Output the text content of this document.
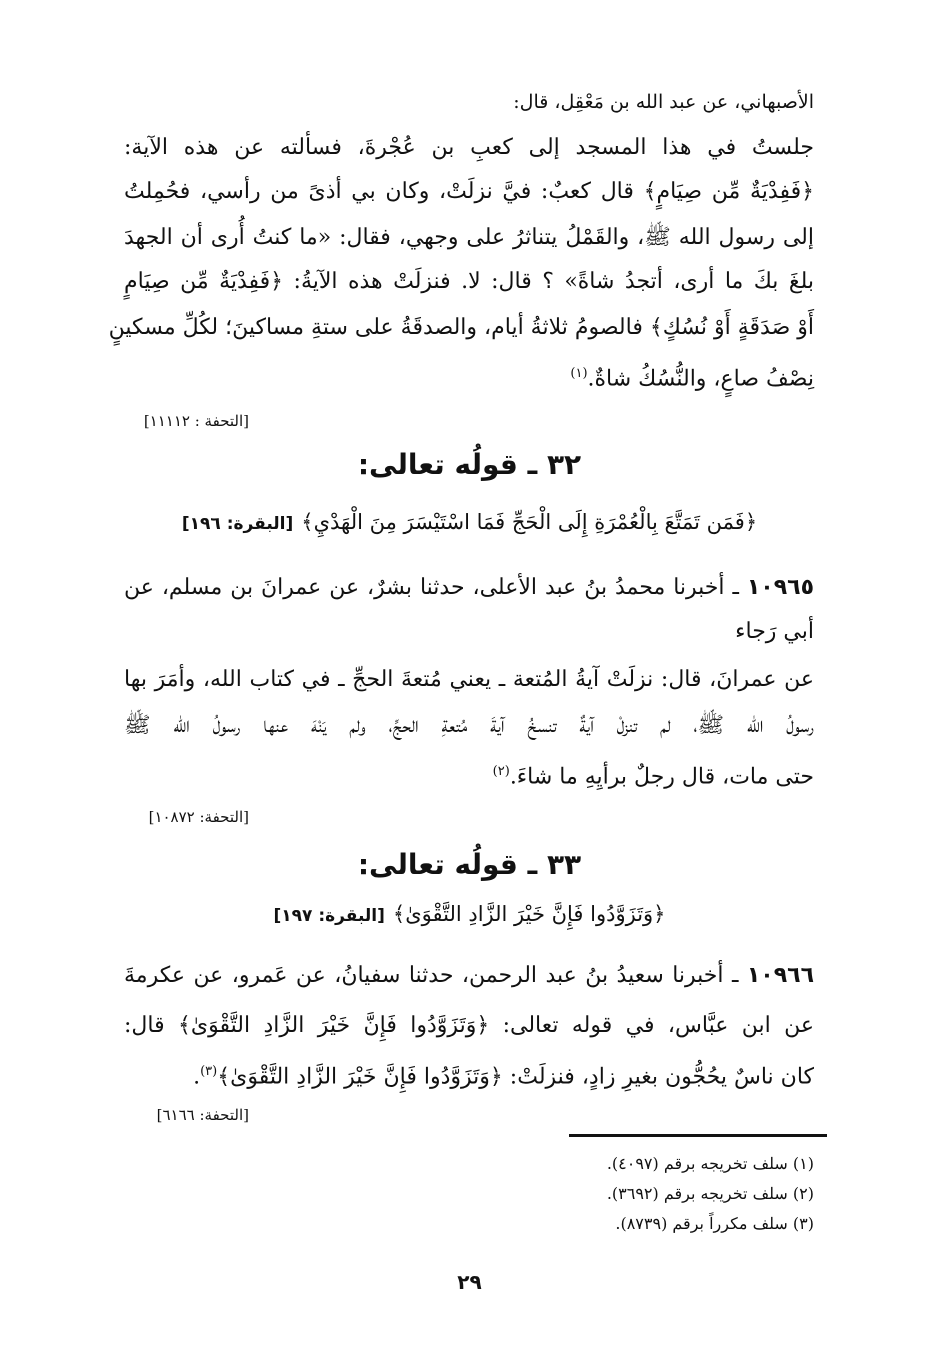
الأصبهاني، عن عبد الله بن مَعْقِل، قال:
جلستُ في هذا المسجد إلى كعبِ بن عُجْرةَ، فسألته عن هذه الآية:
﴿فَفِدْيَةٌ مِّن صِيَامٍ﴾ قال كعبٌ: فيَّ نزلَتْ، وكان بي أذىً من رأسي، فحُمِلتُ
إلى رسول الله ﷺ، والقَمْلُ يتناثرُ على وجهي، فقال: «ما كنتُ أُرى أن الجهدَ
بلغَ بكَ ما أرى، أتجدُ شاةً» ؟ قال: لا. فنزلَتْ هذه الآيةُ: ﴿فَفِدْيَةٌ مِّن صِيَامٍ
أَوْ صَدَقَةٍ أَوْ نُسُكٍ﴾ فالصومُ ثلاثةُ أيام، والصدقَةُ على ستةِ مساكينَ؛ لكُلِّ مسكينٍ
نِصْفُ صاعٍ، والنُّسُكُ شاةٌ.$^{(١)}$
[التحفة : ١١١١٢]
٣٢ ـ قولُه تعالى:
﴿فَمَن تَمَتَّعَ بِالْعُمْرَةِ إِلَى الْحَجِّ فَمَا اسْتَيْسَرَ مِنَ الْهَدْيِ﴾[البقرة: ١٩٦]
١٠٩٦٥ ـ أخبرنا محمدُ بنُ عبد الأعلى، حدثنا بشرٌ، عن عمرانَ بن مسلم، عن
أبي رَجاء
عن عمرانَ، قال: نزلَتْ آيةُ المُتعة ـ يعني مُتعةَ الحجِّ ـ في كتاب الله، وأمَرَ بها
رسولُ الله ﷺ، لم تنزلْ آيةٌ تنسخُ آيةَ مُتعةِ الحجِّ، ولم يَنْهَ عنها رسولُ الله ﷺ
حتى مات، قال رجلٌ برأيِهِ ما شاءَ.$^{(٢)}$
[التحفة: ١٠٨٧٢]
٣٣ ـ قولُه تعالى:
﴿وَتَزَوَّدُوا فَإِنَّ خَيْرَ الزَّادِ التَّقْوَىٰ﴾[البقرة: ١٩٧]
١٠٩٦٦ ـ أخبرنا سعيدُ بنُ عبد الرحمن، حدثنا سفيانُ، عن عَمرو، عن عكرمةَ
عن ابن عبَّاس، في قوله تعالى: ﴿وَتَزَوَّدُوا فَإِنَّ خَيْرَ الزَّادِ التَّقْوَىٰ﴾ قال:
كان ناسٌ يحُجُّون بغيرِ زادٍ، فنزلَتْ: ﴿وَتَزَوَّدُوا فَإِنَّ خَيْرَ الزَّادِ التَّقْوَىٰ﴾$^{(٣)}$.
[التحفة: ٦١٦٦]
(١) سلف تخريجه برقم (٤٠٩٧).
(٢) سلف تخريجه برقم (٣٦٩٢).
(٣) سلف مكرراً برقم (٨٧٣٩).
٢٩
